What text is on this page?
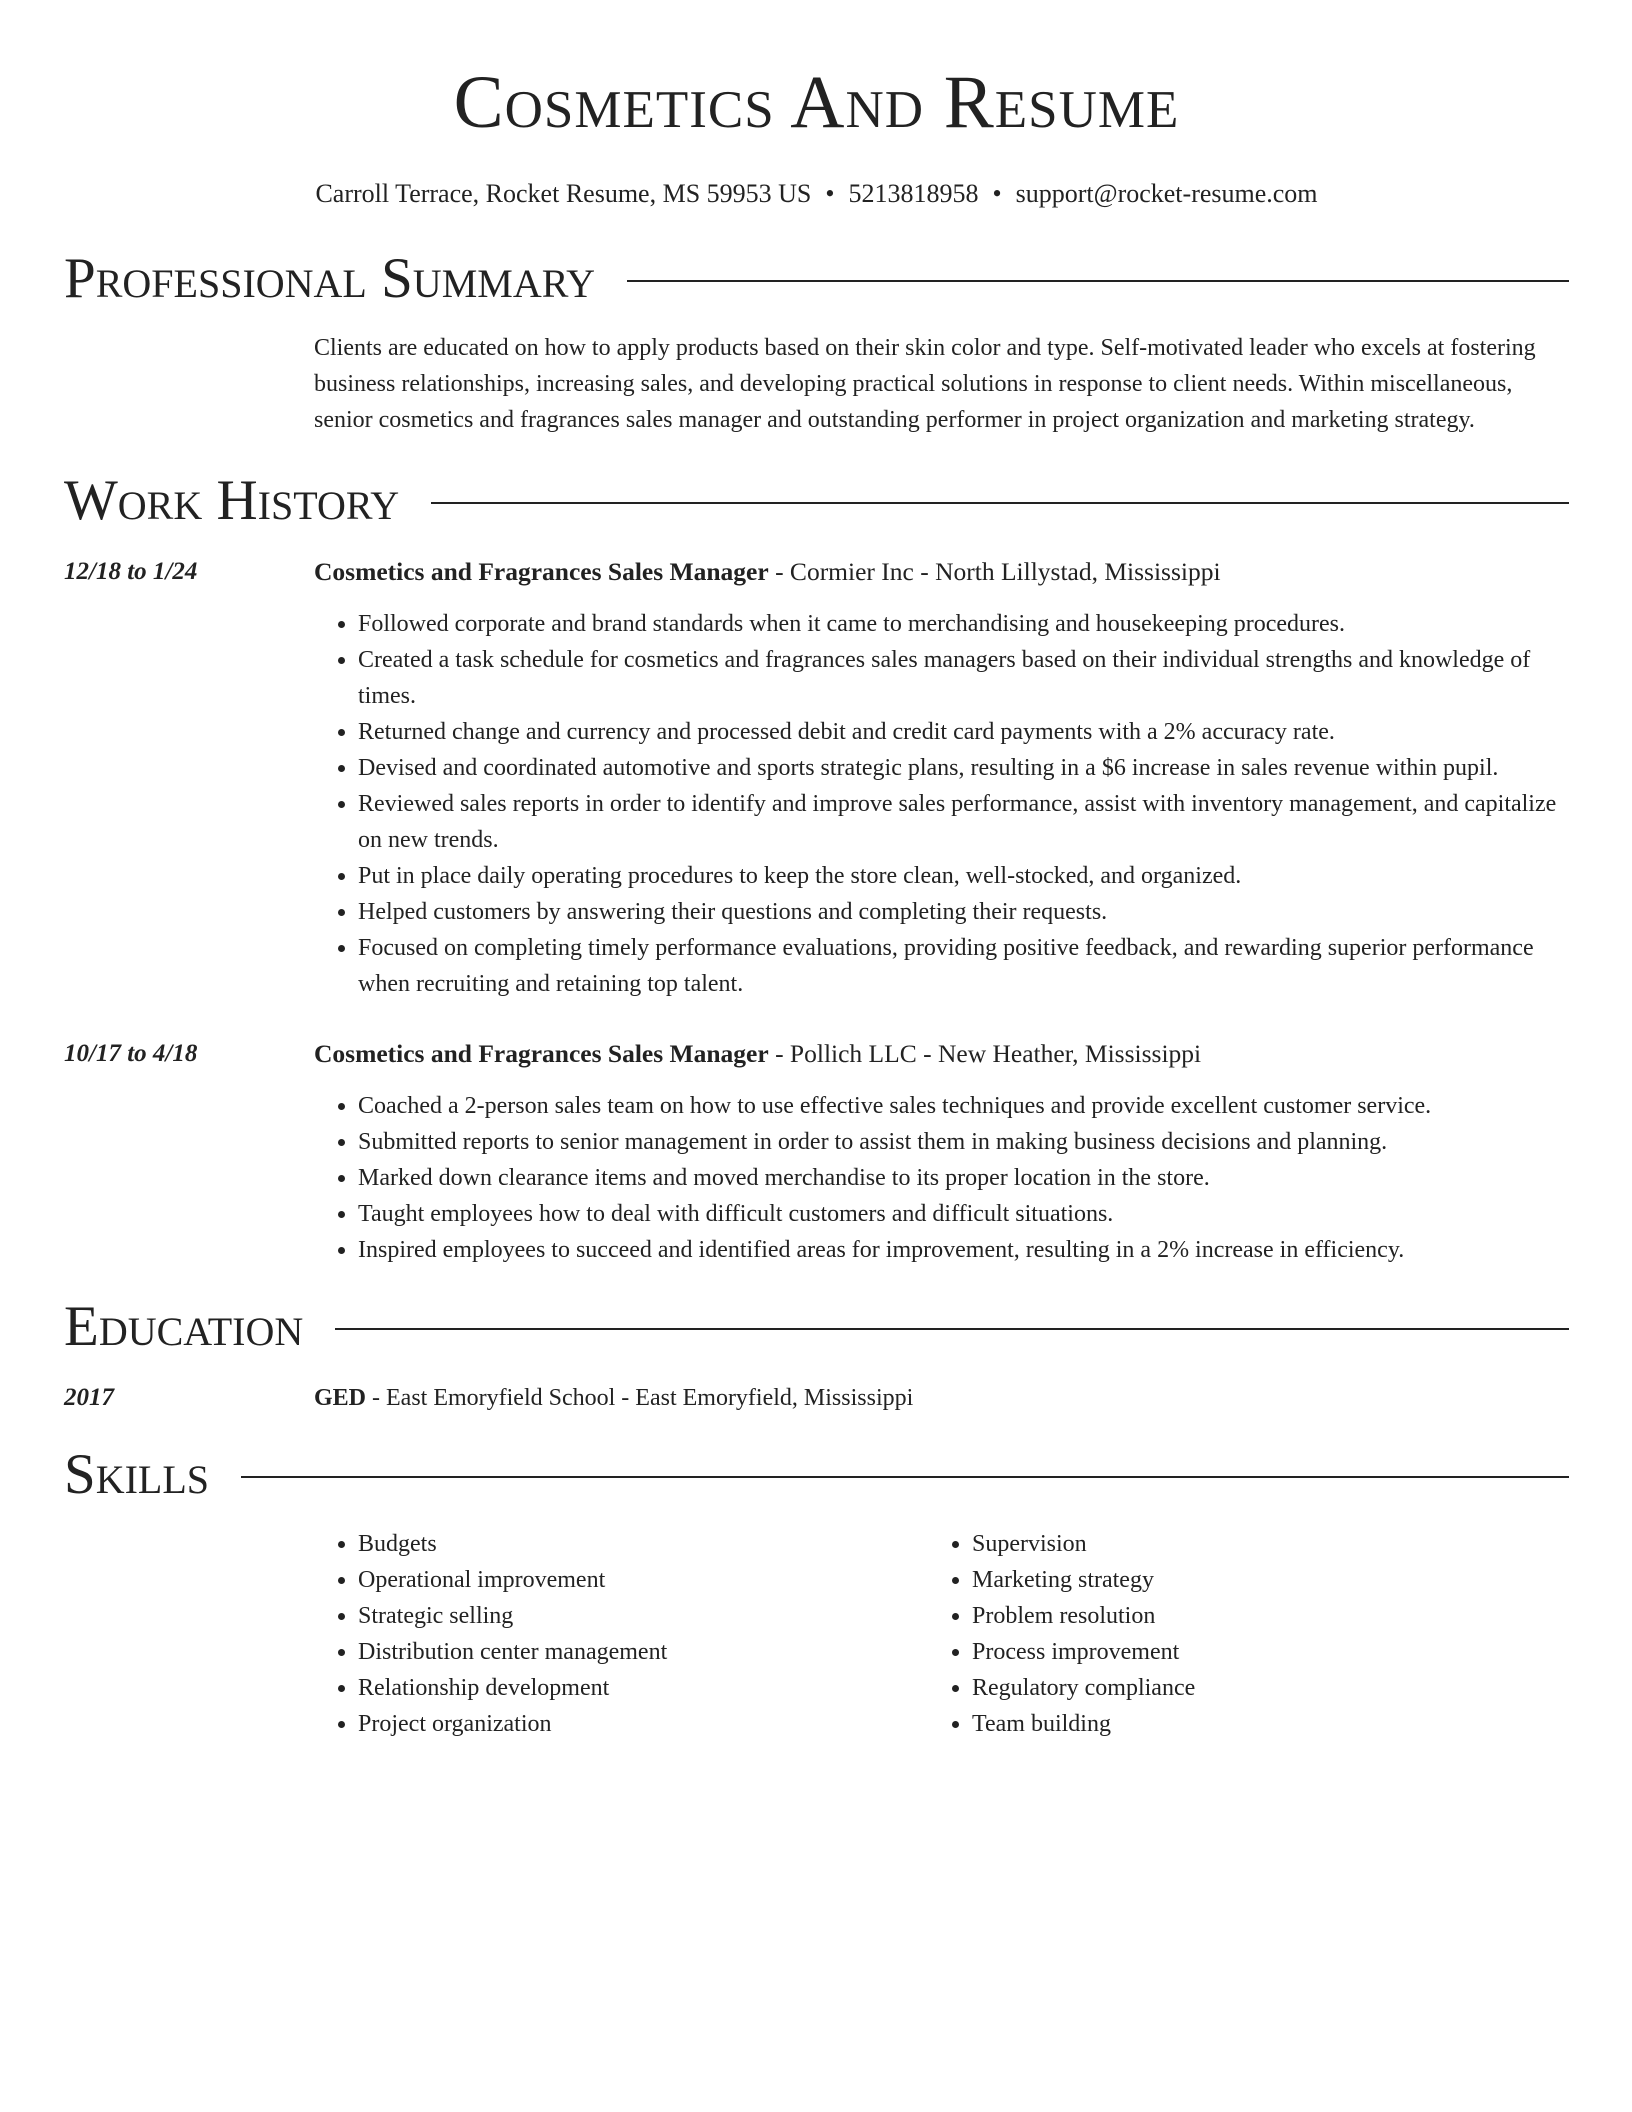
Cosmetics And Resume
Carroll Terrace, Rocket Resume, MS 59953 US • 5213818958 • support@rocket-resume.com
Professional Summary
Clients are educated on how to apply products based on their skin color and type. Self-motivated leader who excels at fostering business relationships, increasing sales, and developing practical solutions in response to client needs. Within miscellaneous, senior cosmetics and fragrances sales manager and outstanding performer in project organization and marketing strategy.
Work History
12/18 to 1/24	Cosmetics and Fragrances Sales Manager - Cormier Inc - North Lillystad, Mississippi
• Followed corporate and brand standards when it came to merchandising and housekeeping procedures.
• Created a task schedule for cosmetics and fragrances sales managers based on their individual strengths and knowledge of times.
• Returned change and currency and processed debit and credit card payments with a 2% accuracy rate.
• Devised and coordinated automotive and sports strategic plans, resulting in a $6 increase in sales revenue within pupil.
• Reviewed sales reports in order to identify and improve sales performance, assist with inventory management, and capitalize on new trends.
• Put in place daily operating procedures to keep the store clean, well-stocked, and organized.
• Helped customers by answering their questions and completing their requests.
• Focused on completing timely performance evaluations, providing positive feedback, and rewarding superior performance when recruiting and retaining top talent.
10/17 to 4/18	Cosmetics and Fragrances Sales Manager - Pollich LLC - New Heather, Mississippi
• Coached a 2-person sales team on how to use effective sales techniques and provide excellent customer service.
• Submitted reports to senior management in order to assist them in making business decisions and planning.
• Marked down clearance items and moved merchandise to its proper location in the store.
• Taught employees how to deal with difficult customers and difficult situations.
• Inspired employees to succeed and identified areas for improvement, resulting in a 2% increase in efficiency.
Education
2017	GED - East Emoryfield School - East Emoryfield, Mississippi
Skills
• Budgets
• Operational improvement
• Strategic selling
• Distribution center management
• Relationship development
• Project organization
• Supervision
• Marketing strategy
• Problem resolution
• Process improvement
• Regulatory compliance
• Team building
